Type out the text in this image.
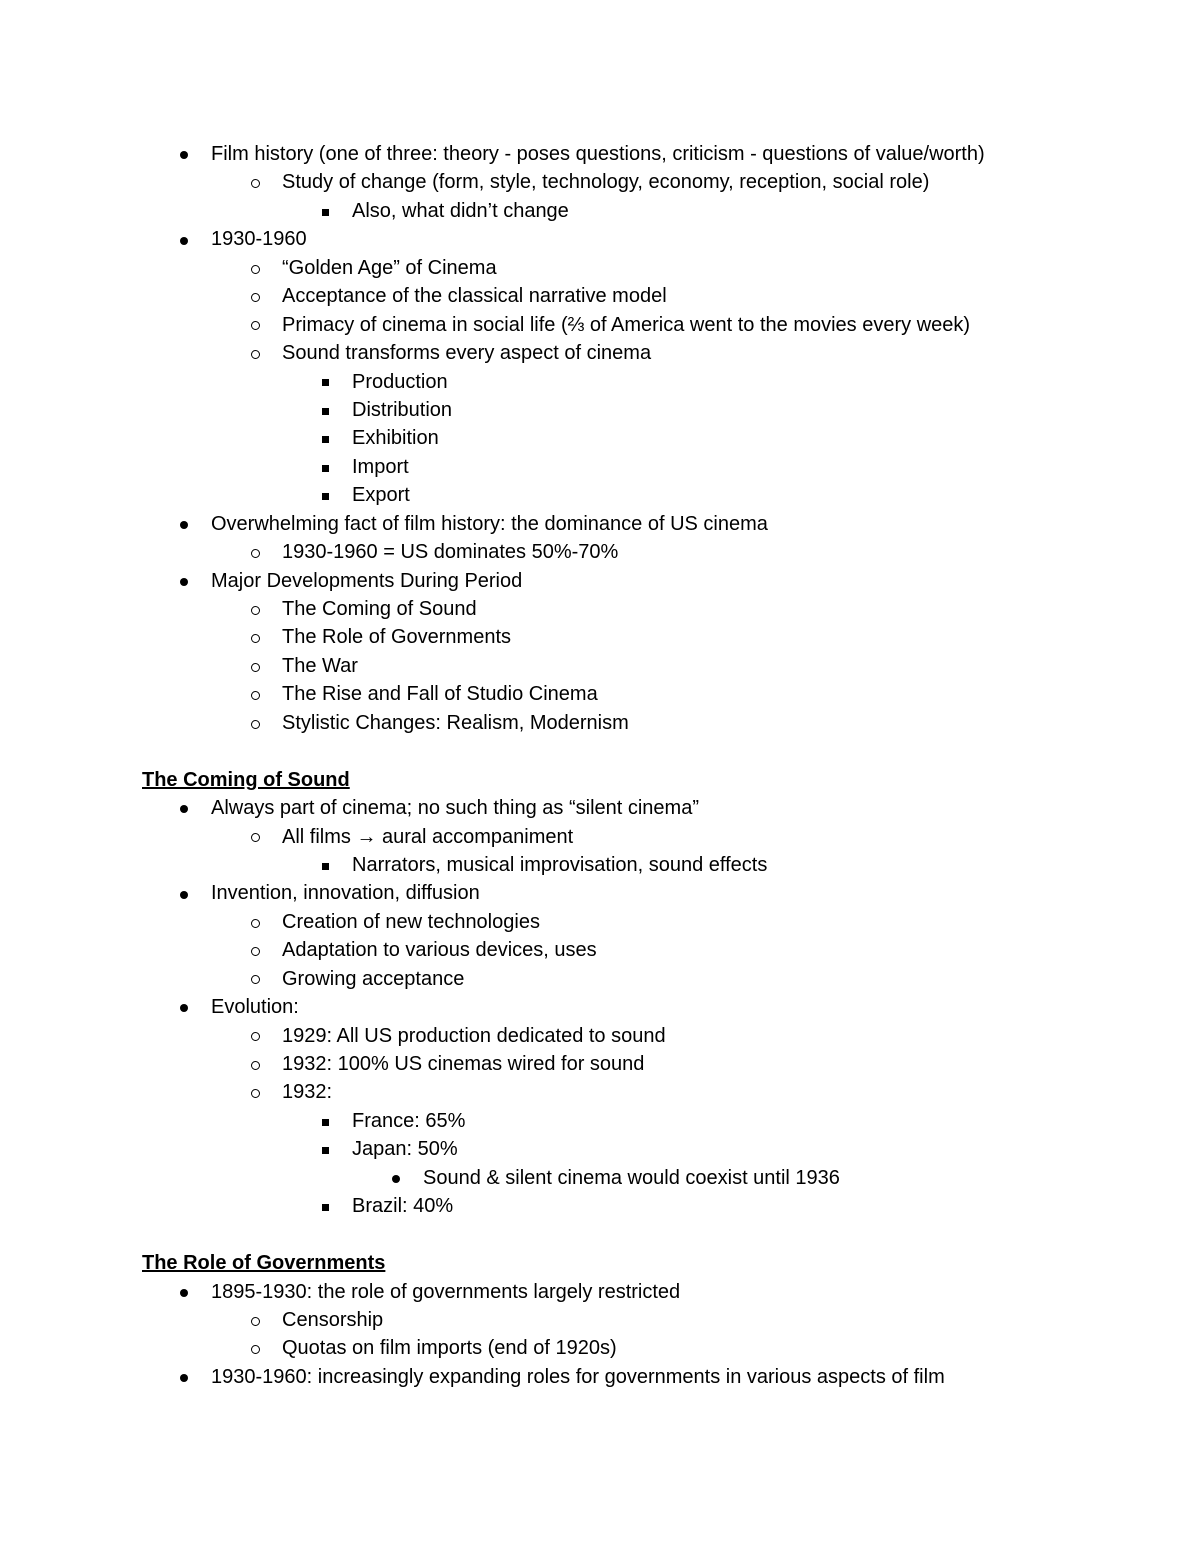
Film history (one of three: theory - poses questions, criticism - questions of value/worth)
Study of change (form, style, technology, economy, reception, social role)
Also, what didn’t change
1930-1960
“Golden Age” of Cinema
Acceptance of the classical narrative model
Primacy of cinema in social life (⅔ of America went to the movies every week)
Sound transforms every aspect of cinema
Production
Distribution
Exhibition
Import
Export
Overwhelming fact of film history: the dominance of US cinema
1930-1960 = US dominates 50%-70%
Major Developments During Period
The Coming of Sound
The Role of Governments
The War
The Rise and Fall of Studio Cinema
Stylistic Changes: Realism, Modernism
The Coming of Sound
Always part of cinema; no such thing as “silent cinema”
All films → aural accompaniment
Narrators, musical improvisation, sound effects
Invention, innovation, diffusion
Creation of new technologies
Adaptation to various devices, uses
Growing acceptance
Evolution:
1929: All US production dedicated to sound
1932: 100% US cinemas wired for sound
1932:
France: 65%
Japan: 50%
Sound & silent cinema would coexist until 1936
Brazil: 40%
The Role of Governments
1895-1930: the role of governments largely restricted
Censorship
Quotas on film imports (end of 1920s)
1930-1960: increasingly expanding roles for governments in various aspects of film
